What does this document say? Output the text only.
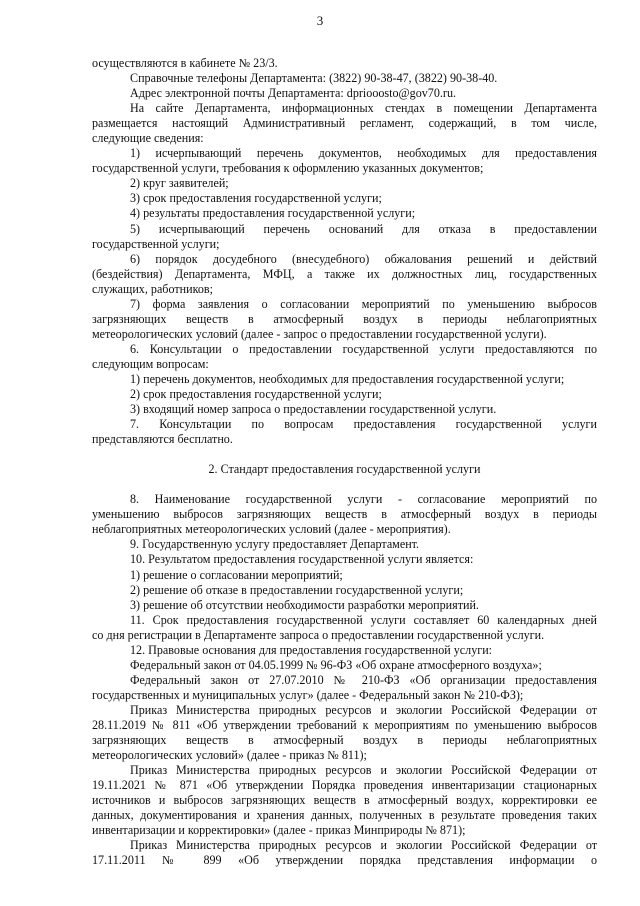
3
осуществляются в кабинете № 23/3.
Справочные телефоны Департамента: (3822) 90-38-47, (3822) 90-38-40.
Адрес электронной почты Департамента: dpriooosto@gov70.ru.
На сайте Департамента, информационных стендах в помещении Департамента
размещается настоящий Административный регламент, содержащий, в том числе,
следующие сведения:
1) исчерпывающий перечень документов, необходимых для предоставления
государственной услуги, требования к оформлению указанных документов;
2) круг заявителей;
3) срок предоставления государственной услуги;
4) результаты предоставления государственной услуги;
5) исчерпывающий перечень оснований для отказа в предоставлении
государственной услуги;
6) порядок досудебного (внесудебного) обжалования решений и действий
(бездействия) Департамента, МФЦ, а также их должностных лиц, государственных
служащих, работников;
7) форма заявления о согласовании мероприятий по уменьшению выбросов
загрязняющих веществ в атмосферный воздух в периоды неблагоприятных
метеорологических условий (далее - запрос о предоставлении государственной услуги).
6. Консультации о предоставлении государственной услуги предоставляются по
следующим вопросам:
1) перечень документов, необходимых для предоставления государственной услуги;
2) срок предоставления государственной услуги;
3) входящий номер запроса о предоставлении государственной услуги.
7. Консультации по вопросам предоставления государственной услуги
представляются бесплатно.
2. Стандарт предоставления государственной услуги
8. Наименование государственной услуги - согласование мероприятий по
уменьшению выбросов загрязняющих веществ в атмосферный воздух в периоды
неблагоприятных метеорологических условий (далее - мероприятия).
9. Государственную услугу предоставляет Департамент.
10. Результатом предоставления государственной услуги является:
1) решение о согласовании мероприятий;
2) решение об отказе в предоставлении государственной услуги;
3) решение об отсутствии необходимости разработки мероприятий.
11. Срок предоставления государственной услуги составляет 60 календарных дней
со дня регистрации в Департаменте запроса о предоставлении государственной услуги.
12. Правовые основания для предоставления государственной услуги:
Федеральный закон от 04.05.1999 № 96-ФЗ «Об охране атмосферного воздуха»;
Федеральный закон от 27.07.2010 № 210-ФЗ «Об организации предоставления
государственных и муниципальных услуг» (далее - Федеральный закон № 210-ФЗ);
Приказ Министерства природных ресурсов и экологии Российской Федерации от
28.11.2019 № 811 «Об утверждении требований к мероприятиям по уменьшению выбросов
загрязняющих веществ в атмосферный воздух в периоды неблагоприятных
метеорологических условий» (далее - приказ № 811);
Приказ Министерства природных ресурсов и экологии Российской Федерации от
19.11.2021 № 871 «Об утверждении Порядка проведения инвентаризации стационарных
источников и выбросов загрязняющих веществ в атмосферный воздух, корректировки ее
данных, документирования и хранения данных, полученных в результате проведения таких
инвентаризации и корректировки» (далее - приказ Минприроды № 871);
Приказ Министерства природных ресурсов и экологии Российской Федерации от
17.11.2011 № 899 «Об утверждении порядка представления информации о
